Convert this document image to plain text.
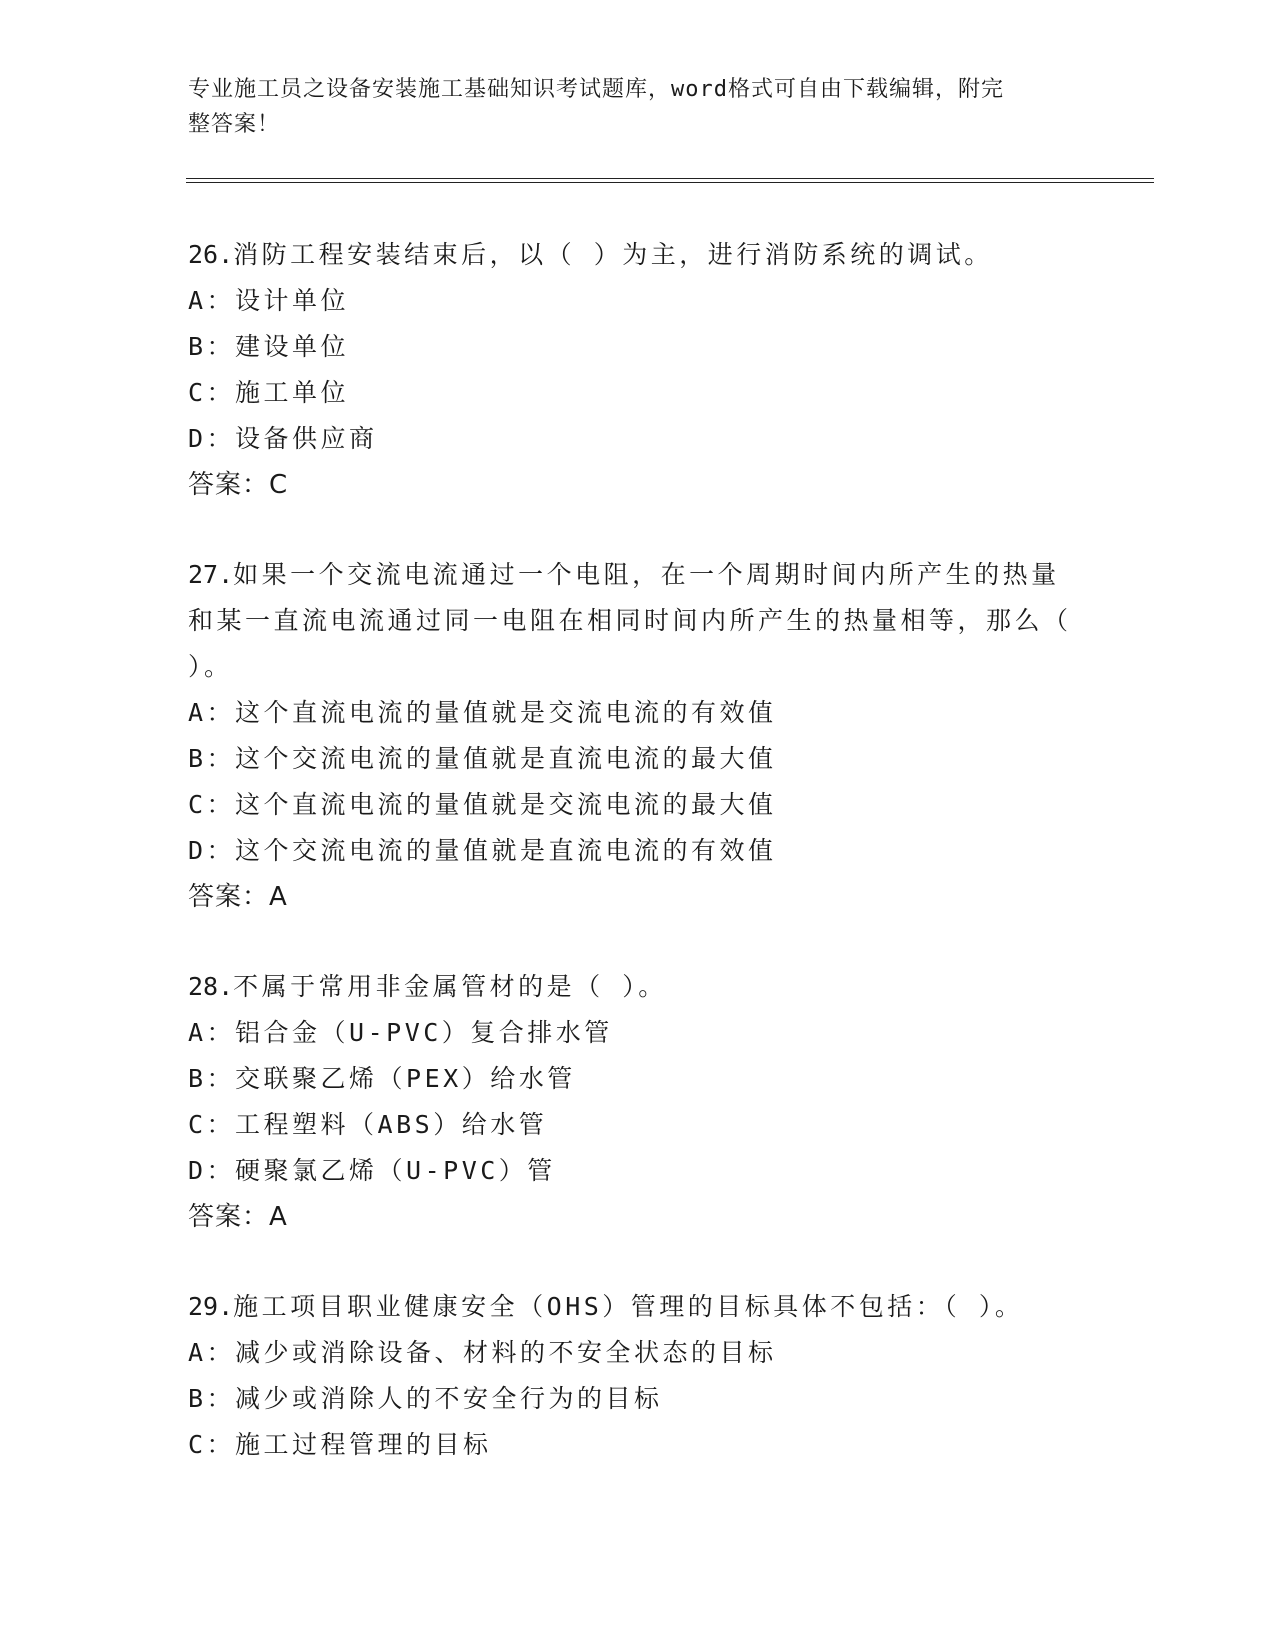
专业施工员之设备安装施工基础知识考试题库，word格式可自由下载编辑，附完
整答案！
26.消防工程安装结束后，以（ ）为主，进行消防系统的调试。
A：设计单位
B：建设单位
C：施工单位
D：设备供应商
答案：C
27.如果一个交流电流通过一个电阻，在一个周期时间内所产生的热量和某一直流电流通过同一电阻在相同时间内所产生的热量相等，那么（ ）。
A：这个直流电流的量值就是交流电流的有效值
B：这个交流电流的量值就是直流电流的最大值
C：这个直流电流的量值就是交流电流的最大值
D：这个交流电流的量值就是直流电流的有效值
答案：A
28.不属于常用非金属管材的是（ ）。
A：铝合金（U-PVC）复合排水管
B：交联聚乙烯（PEX）给水管
C：工程塑料（ABS）给水管
D：硬聚氯乙烯（U-PVC）管
答案：A
29.施工项目职业健康安全（OHS）管理的目标具体不包括：（ ）。
A：减少或消除设备、材料的不安全状态的目标
B：减少或消除人的不安全行为的目标
C：施工过程管理的目标
